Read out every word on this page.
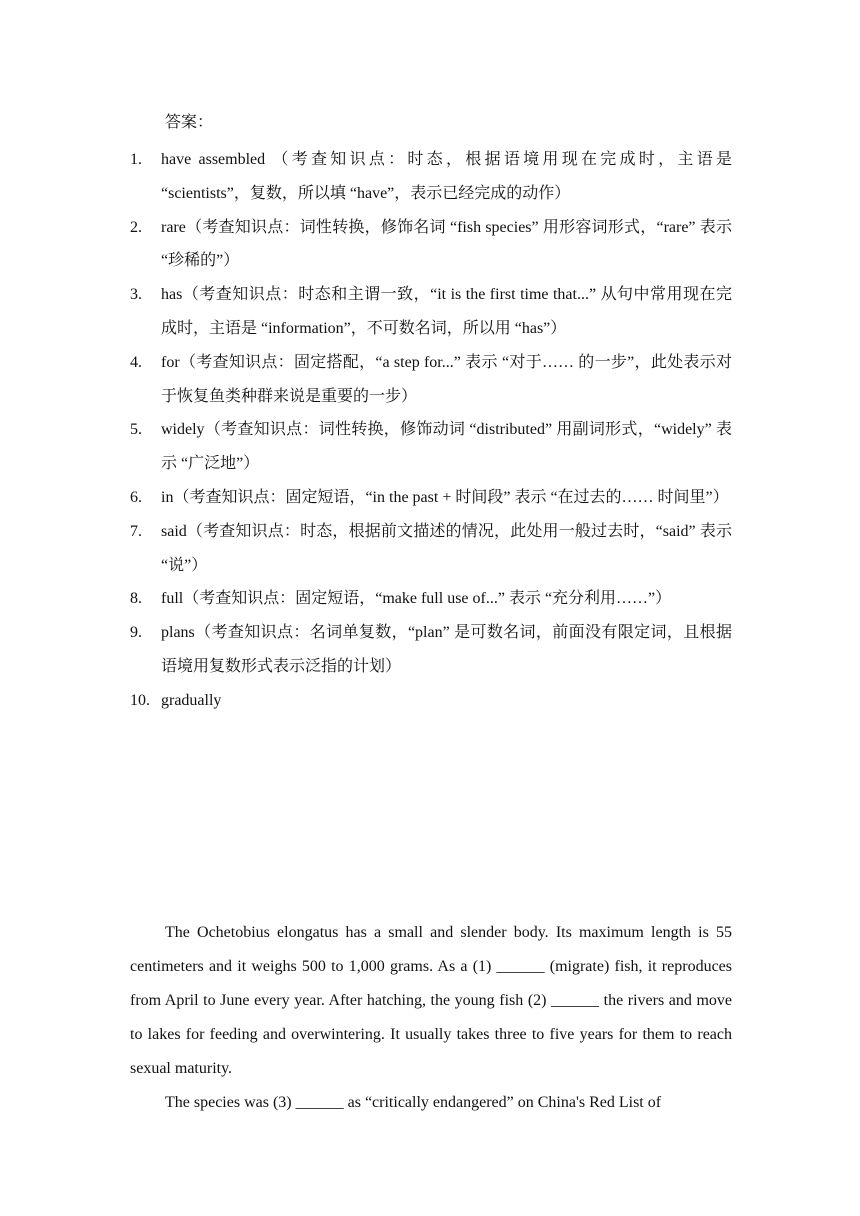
答案：
1. have assembled （考查知识点：时态，根据语境用现在完成时，主语是 “scientists”，复数，所以填 “have”，表示已经完成的动作）
2. rare（考查知识点：词性转换，修饰名词 “fish species” 用形容词形式，“rare” 表示 “珍稀的”）
3. has（考查知识点：时态和主谓一致，“it is the first time that...” 从句中常用现在完成时，主语是 “information”，不可数名词，所以用 “has”）
4. for（考查知识点：固定搭配，“a step for...” 表示 “对于…… 的一步”，此处表示对于恢复鱼类种群来说是重要的一步）
5. widely（考查知识点：词性转换，修饰动词 “distributed” 用副词形式，“widely” 表示 “广泛地”）
6. in（考查知识点：固定短语，“in the past + 时间段” 表示 “在过去的…… 时间里”）
7. said（考查知识点：时态，根据前文描述的情况，此处用一般过去时，“said” 表示 “说”）
8. full（考查知识点：固定短语，“make full use of...” 表示 “充分利用……”）
9. plans（考查知识点：名词单复数，“plan” 是可数名词，前面没有限定词，且根据语境用复数形式表示泛指的计划）
10. gradually

The Ochetobius elongatus has a small and slender body. Its maximum length is 55 centimeters and it weighs 500 to 1,000 grams. As a (1) ______ (migrate) fish, it reproduces from April to June every year. After hatching, the young fish (2) ______ the rivers and move to lakes for feeding and overwintering. It usually takes three to five years for them to reach sexual maturity.

The species was (3) ______ as “critically endangered” on China's Red List of
